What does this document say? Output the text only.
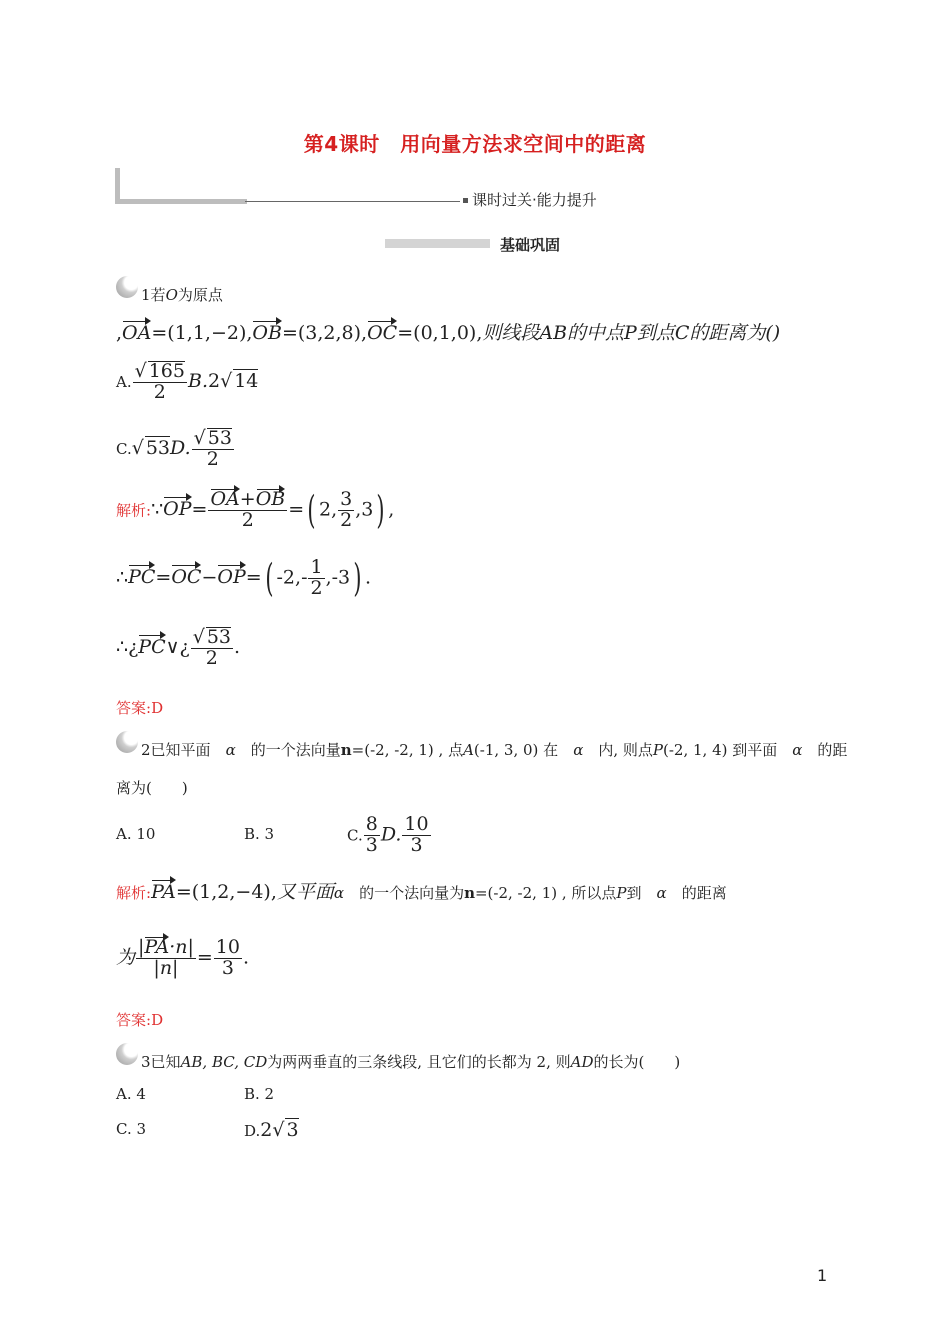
第4课时　用向量方法求空间中的距离
课时过关·能力提升
基础巩固
1若O为原点
,OA=(1,1,−2),OB=(3,2,8),OC=(0,1,0),则线段AB的中点P到点C的距离为()
A. $\frac{√ 165}{2} B.2√$ 14
C.√ 53D. $\frac{√ 53}{2}$
解析:∵OP= $\frac{OA+OB}{2}$ =( 2, $\frac{3}{2} ,3$) ,
∴PC=OC−OP=( $-2,- \frac{1}{2} ,-3$) .
∴¿PC∨¿ $\frac{√ 53}{2}$ .
答案:D
2已知平面　 α　 的一个法向量n=(-2, -2, 1) , 点A(-1, 3, 0) 在　 α　 内, 则点P(-2, 1, 4) 到平面　 α　 的距
离为(　　)
A. 10	B. 3	C. $\frac{8}{3} D$. $\frac{10}{3}$
解析:PA=(1,2,−4),又平面α　 的一个法向量为n=(-2, -2, 1) , 所以点P到　 α　 的距离
为 $\frac{|PA\cdot n|}{|n|} = \frac{10}{3}$ .
答案:D
3已知AB, BC, CD为两两垂直的三条线段, 且它们的长都为 2, 则AD的长为(　　)
A. 4	B. 2
C. 3	D.2√ 3
1
